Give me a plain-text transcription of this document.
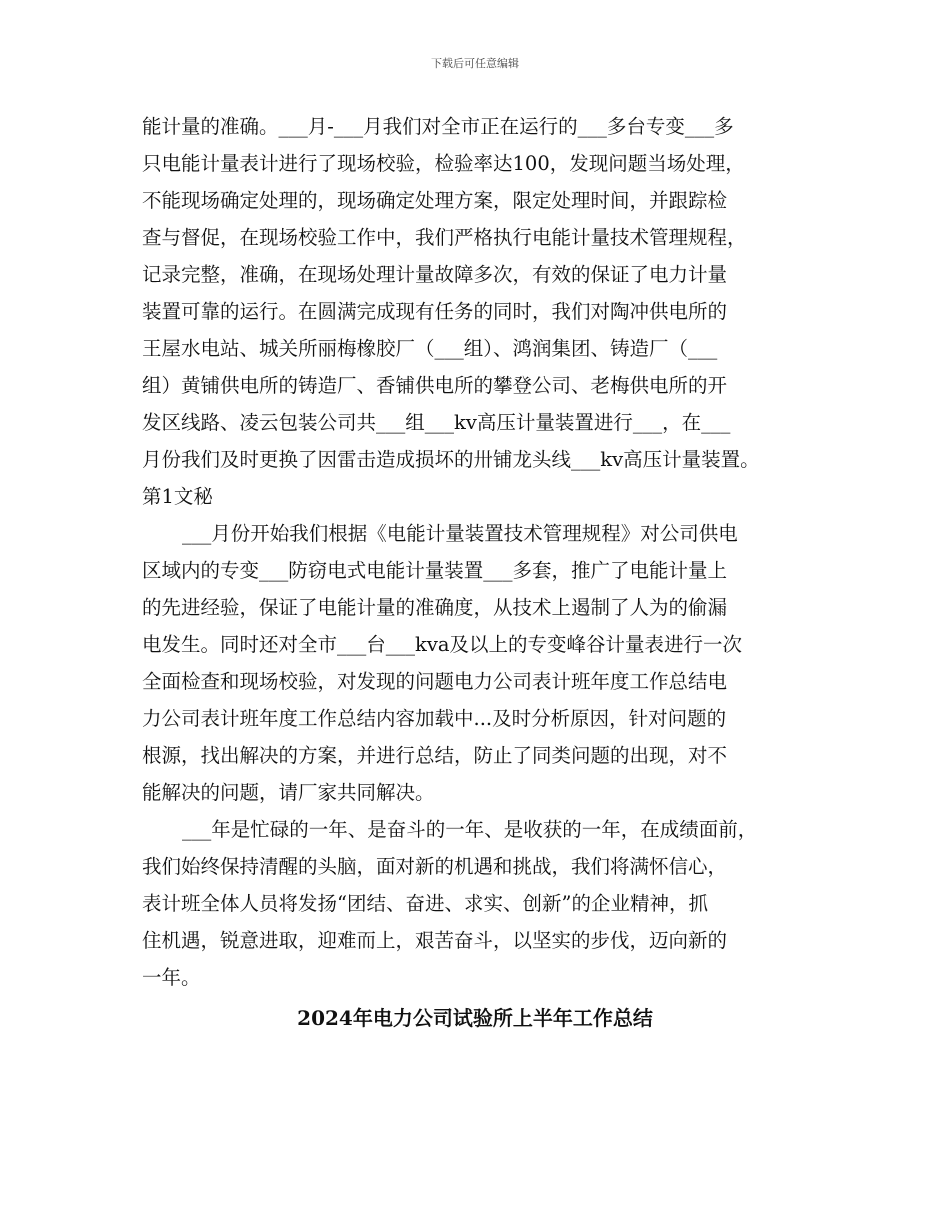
下载后可任意编辑
能计量的准确。___月-___月我们对全市正在运行的___多台专变___多
只电能计量表计进行了现场校验，检验率达100，发现问题当场处理，
不能现场确定处理的，现场确定处理方案，限定处理时间，并跟踪检
查与督促，在现场校验工作中，我们严格执行电能计量技术管理规程，
记录完整，准确，在现场处理计量故障多次，有效的保证了电力计量
装置可靠的运行。在圆满完成现有任务的同时，我们对陶冲供电所的
王屋水电站、城关所丽梅橡胶厂（___组）、鸿润集团、铸造厂（___
组）黄铺供电所的铸造厂、香铺供电所的攀登公司、老梅供电所的开
发区线路、凌云包装公司共___组___kv高压计量装置进行___，在___
月份我们及时更换了因雷击造成损坏的卅铺龙头线___kv高压计量装置。
第1文秘
___月份开始我们根据《电能计量装置技术管理规程》对公司供电
区域内的专变___防窃电式电能计量装置___多套，推广了电能计量上
的先进经验，保证了电能计量的准确度，从技术上遏制了人为的偷漏
电发生。同时还对全市___台___kva及以上的专变峰谷计量表进行一次
全面检查和现场校验，对发现的问题电力公司表计班年度工作总结电
力公司表计班年度工作总结内容加载中...及时分析原因，针对问题的
根源，找出解决的方案，并进行总结，防止了同类问题的出现，对不
能解决的问题，请厂家共同解决。
___年是忙碌的一年、是奋斗的一年、是收获的一年，在成绩面前，
我们始终保持清醒的头脑，面对新的机遇和挑战，我们将满怀信心，
表计班全体人员将发扬“团结、奋进、求实、创新”的企业精神，抓
住机遇，锐意进取，迎难而上，艰苦奋斗，以坚实的步伐，迈向新的
一年。
2024年电力公司试验所上半年工作总结
